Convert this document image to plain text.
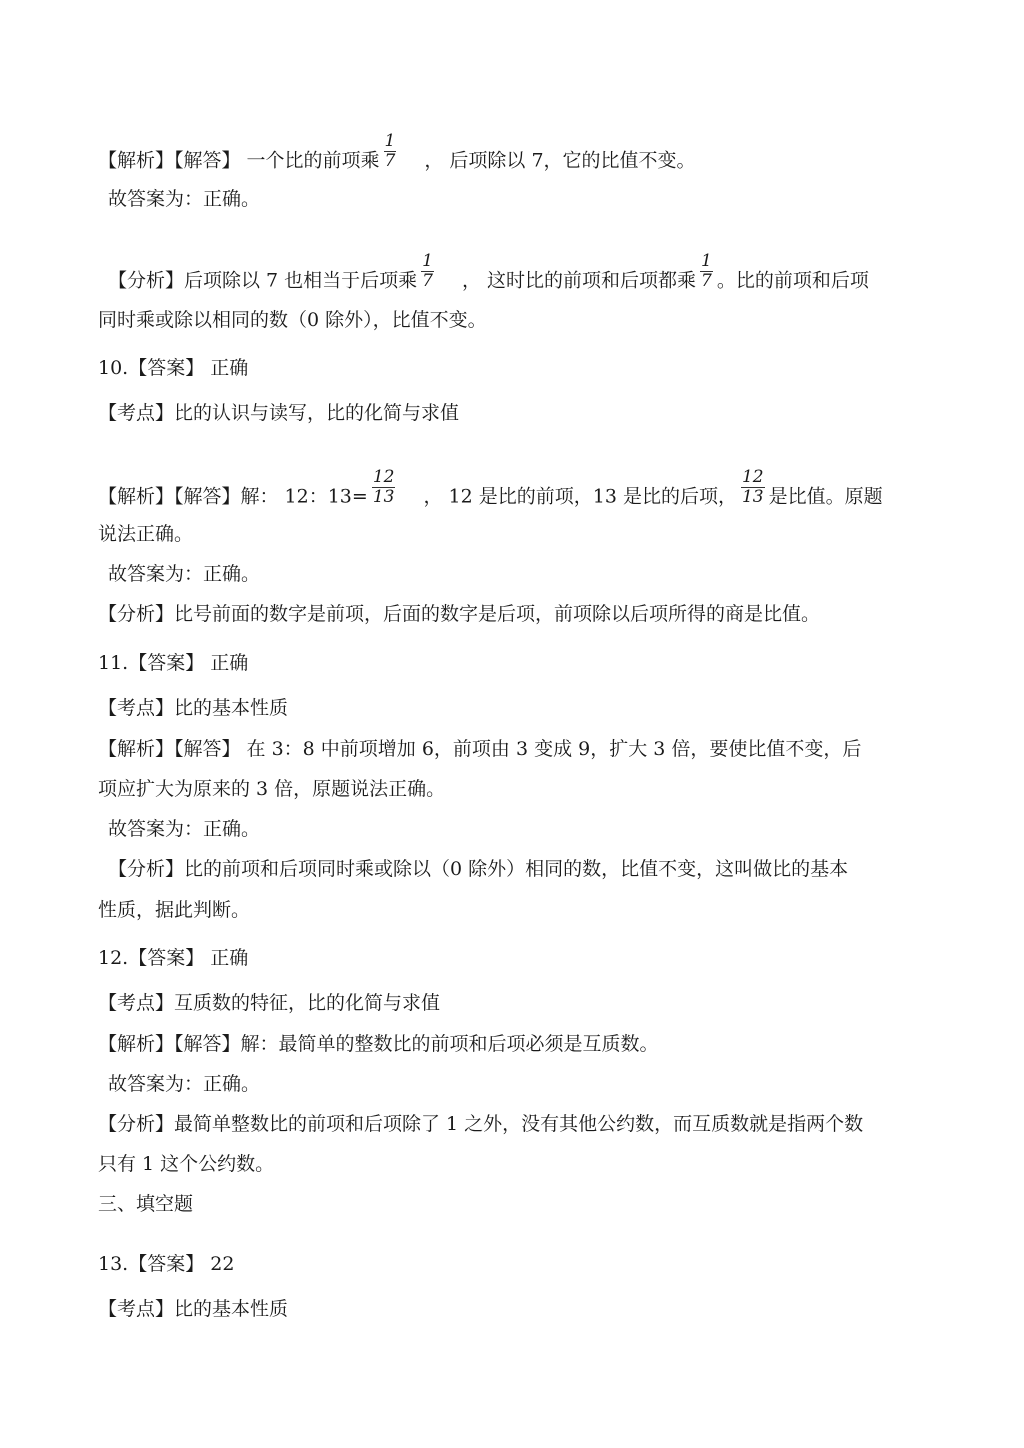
【解析】【解答】 一个比的前项乘 $\frac{1}{7}$ ， 后项除以 7，它的比值不变。
故答案为：正确。
【分析】后项除以 7 也相当于后项乘 $\frac{1}{7}$ ， 这时比的前项和后项都乘 $\frac{1}{7}$ 。比的前项和后项
同时乘或除以相同的数（0 除外），比值不变。
10.【答案】 正确
【考点】比的认识与读写，比的化简与求值
【解析】【解答】解： 12：$13= \frac{12}{13}$ ， 12 是比的前项，13 是比的后项， $\frac{12}{13}$ 是比值。原题
说法正确。
故答案为：正确。
【分析】比号前面的数字是前项，后面的数字是后项，前项除以后项所得的商是比值。
11.【答案】 正确
【考点】比的基本性质
【解析】【解答】 在 3：8 中前项增加 6，前项由 3 变成 9，扩大 3 倍，要使比值不变，后
项应扩大为原来的 3 倍，原题说法正确。
故答案为：正确。
【分析】比的前项和后项同时乘或除以（0 除外）相同的数，比值不变，这叫做比的基本
性质，据此判断。
12.【答案】 正确
【考点】互质数的特征，比的化简与求值
【解析】【解答】解：最简单的整数比的前项和后项必须是互质数。
故答案为：正确。
【分析】最简单整数比的前项和后项除了 1 之外，没有其他公约数，而互质数就是指两个数
只有 1 这个公约数。
三、填空题
13.【答案】 22
【考点】比的基本性质
